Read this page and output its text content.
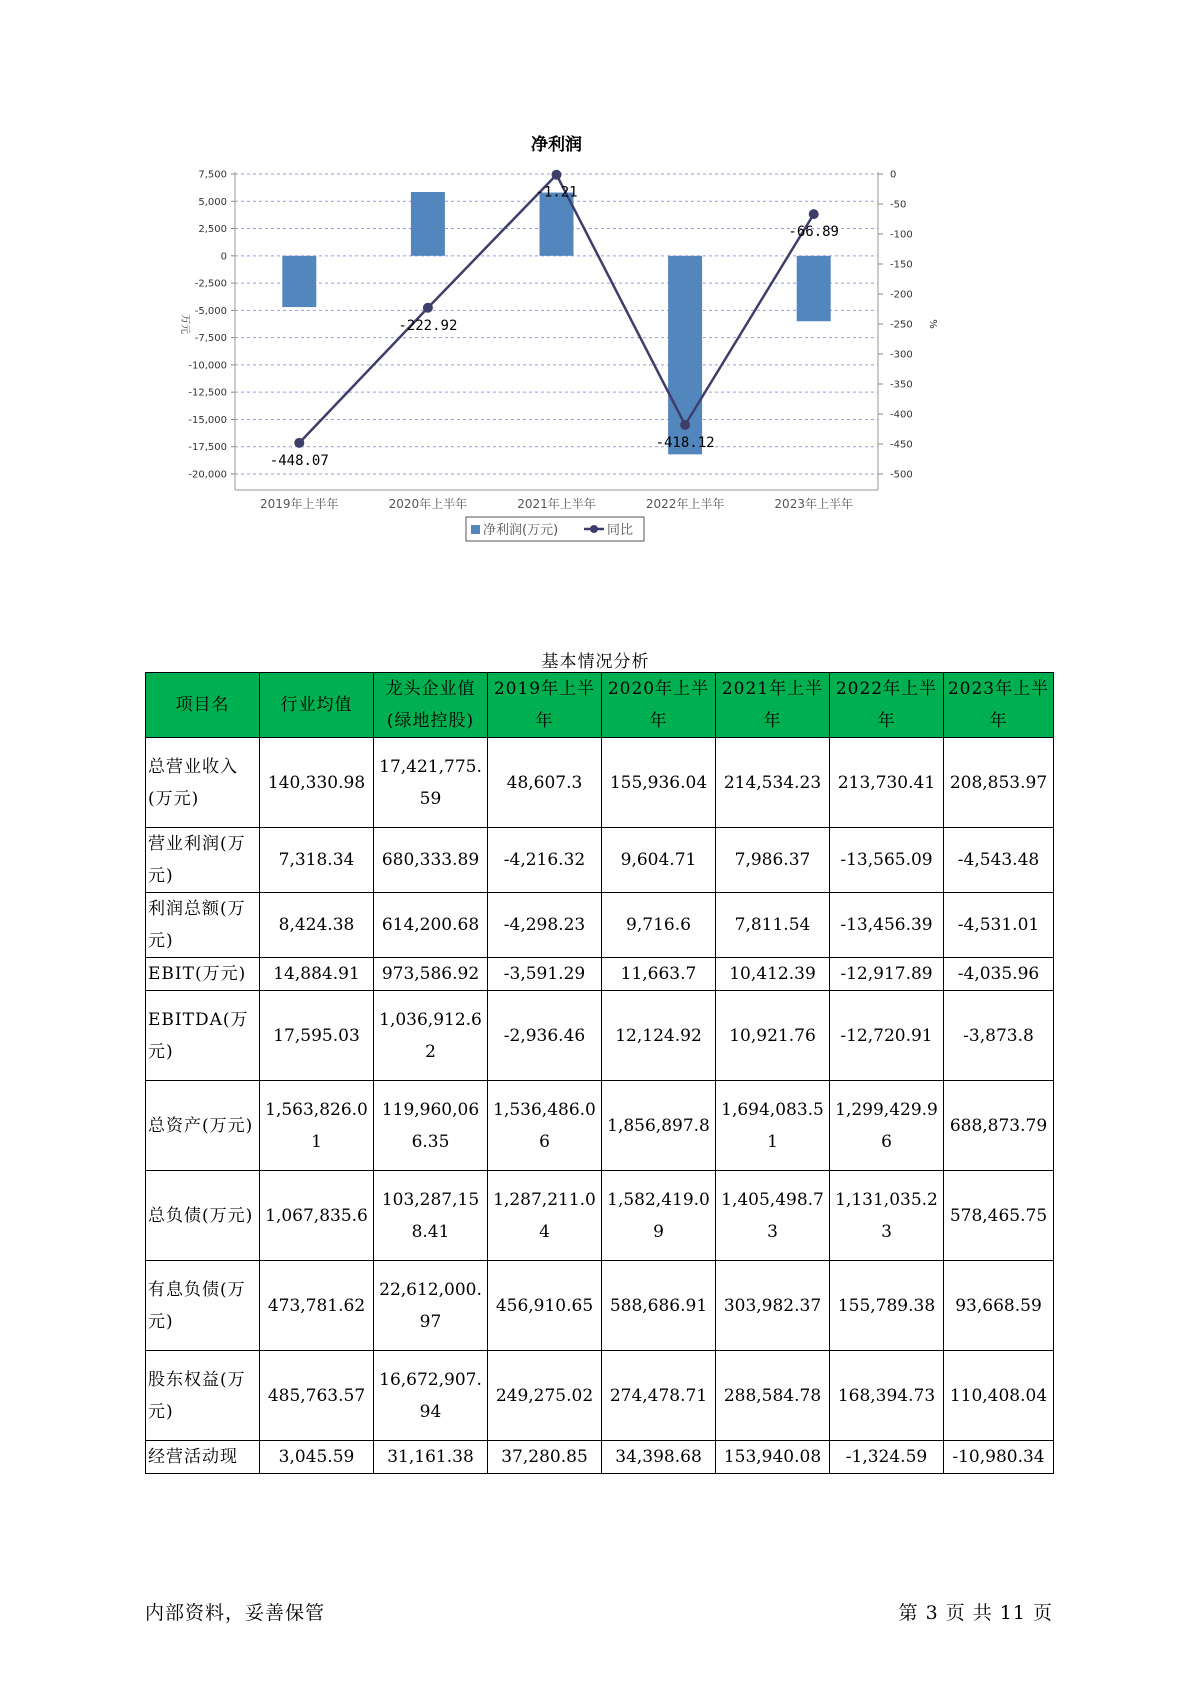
净利润
7,500
5,000
2,500
0
-2,500
-5,000
-7,500
-10,000
-12,500
-15,000
-17,500
-20,000
0
-50
-100
-150
-200
-250
-300
-350
-400
-450
-500
万元	%
2019年上半年	2020年上半年	2021年上半年	2022年上半年	2023年上半年
-448.07
-222.92
-1.21
-418.12
-66.89
净利润(万元)	同比
基本情况分析
项目名	行业均值	龙头企业值(绿地控股)	2019年上半年	2020年上半年	2021年上半年	2022年上半年	2023年上半年
总营业收入(万元)	140,330.98	17,421,775.59	48,607.3	155,936.04	214,534.23	213,730.41	208,853.97
营业利润(万元)	7,318.34	680,333.89	-4,216.32	9,604.71	7,986.37	-13,565.09	-4,543.48
利润总额(万元)	8,424.38	614,200.68	-4,298.23	9,716.6	7,811.54	-13,456.39	-4,531.01
EBIT(万元)	14,884.91	973,586.92	-3,591.29	11,663.7	10,412.39	-12,917.89	-4,035.96
EBITDA(万元)	17,595.03	1,036,912.62	-2,936.46	12,124.92	10,921.76	-12,720.91	-3,873.8
总资产(万元)	1,563,826.01	119,960,066.35	1,536,486.06	1,856,897.8	1,694,083.51	1,299,429.96	688,873.79
总负债(万元)	1,067,835.6	103,287,158.41	1,287,211.04	1,582,419.09	1,405,498.73	1,131,035.23	578,465.75
有息负债(万元)	473,781.62	22,612,000.97	456,910.65	588,686.91	303,982.37	155,789.38	93,668.59
股东权益(万元)	485,763.57	16,672,907.94	249,275.02	274,478.71	288,584.78	168,394.73	110,408.04
经营活动现	3,045.59	31,161.38	37,280.85	34,398.68	153,940.08	-1,324.59	-10,980.34
内部资料，妥善保管	第 3 页 共 11 页
